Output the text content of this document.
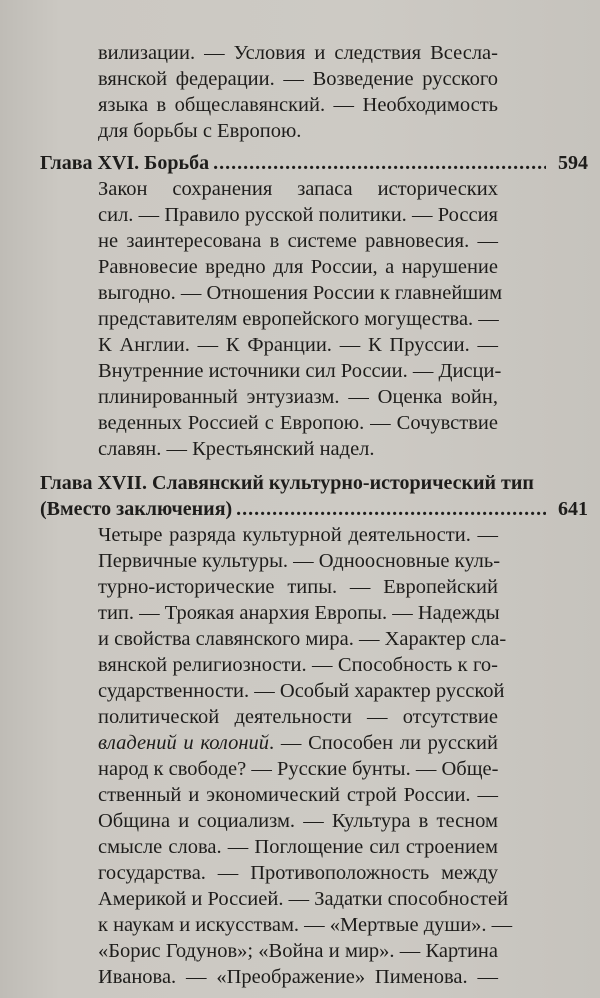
вилизации. — Условия и следствия Всесла-
вянской федерации. — Возведение русского
языка в общеславянский. — Необходимость
для борьбы с Европою.
Глава XVI. Борьба .....	594
Закон сохранения запаса исторических
сил. — Правило русской политики. — Россия
не заинтересована в системе равновесия. —
Равновесие вредно для России, а нарушение
выгодно. — Отношения России к главнейшим
представителям европейского могущества. —
К Англии. — К Франции. — К Пруссии. —
Внутренние источники сил России. — Дисци-
плинированный энтузиазм. — Оценка войн,
веденных Россией с Европою. — Сочувствие
славян. — Крестьянский надел.
Глава XVII. Славянский культурно-исторический тип
(Вместо заключения) .....	641
Четыре разряда культурной деятельности. —
Первичные культуры. — Одноосновные куль-
турно-исторические типы. — Европейский
тип. — Троякая анархия Европы. — Надежды
и свойства славянского мира. — Характер сла-
вянской религиозности. — Способность к го-
сударственности. — Особый характер русской
политической деятельности — отсутствие
владений и колоний. — Способен ли русский
народ к свободе? — Русские бунты. — Обще-
ственный и экономический строй России. —
Община и социализм. — Культура в тесном
смысле слова. — Поглощение сил строением
государства. — Противоположность между
Америкой и Россией. — Задатки способностей
к наукам и искусствам. — «Мертвые души». —
«Борис Годунов»; «Война и мир». — Картина
Иванова. — «Преображение» Пименова. —
